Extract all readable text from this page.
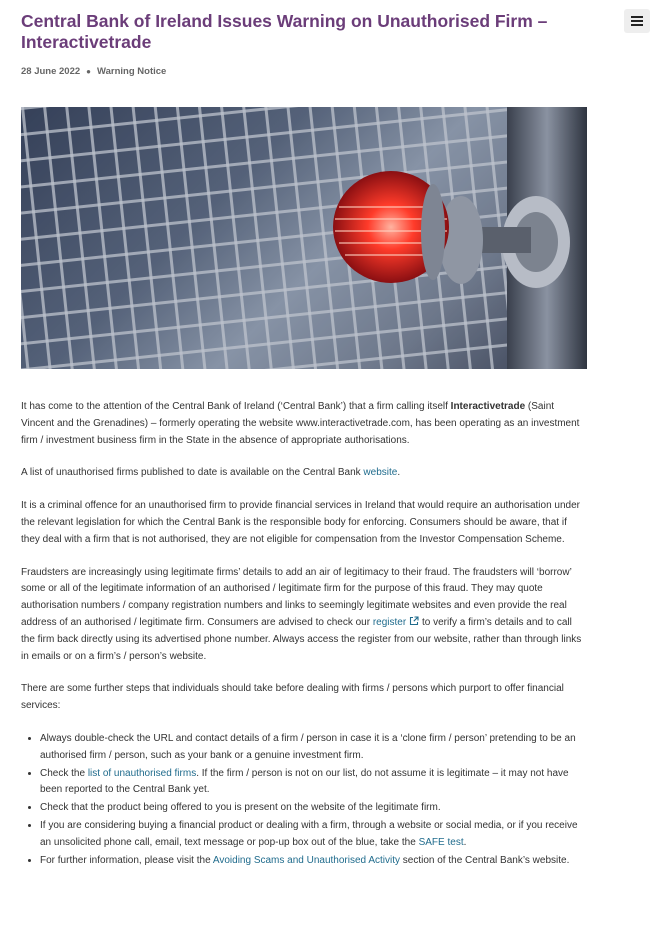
Central Bank of Ireland Issues Warning on Unauthorised Firm – Interactivetrade
28 June 2022 ● Warning Notice

It has come to the attention of the Central Bank of Ireland (‘Central Bank’) that a firm calling itself Interactivetrade (Saint Vincent and the Grenadines) – formerly operating the website www.interactivetrade.com, has been operating as an investment firm / investment business firm in the State in the absence of appropriate authorisations.

A list of unauthorised firms published to date is available on the Central Bank website.

It is a criminal offence for an unauthorised firm to provide financial services in Ireland that would require an authorisation under the relevant legislation for which the Central Bank is the responsible body for enforcing. Consumers should be aware, that if they deal with a firm that is not authorised, they are not eligible for compensation from the Investor Compensation Scheme.

Fraudsters are increasingly using legitimate firms’ details to add an air of legitimacy to their fraud. The fraudsters will ‘borrow’ some or all of the legitimate information of an authorised / legitimate firm for the purpose of this fraud. They may quote authorisation numbers / company registration numbers and links to seemingly legitimate websites and even provide the real address of an authorised / legitimate firm. Consumers are advised to check our register to verify a firm’s details and to call the firm back directly using its advertised phone number. Always access the register from our website, rather than through links in emails or on a firm’s / person’s website.

There are some further steps that individuals should take before dealing with firms / persons which purport to offer financial services:

• Always double-check the URL and contact details of a firm / person in case it is a ‘clone firm / person’ pretending to be an authorised firm / person, such as your bank or a genuine investment firm.
• Check the list of unauthorised firms. If the firm / person is not on our list, do not assume it is legitimate – it may not have been reported to the Central Bank yet.
• Check that the product being offered to you is present on the website of the legitimate firm.
• If you are considering buying a financial product or dealing with a firm, through a website or social media, or if you receive an unsolicited phone call, email, text message or pop-up box out of the blue, take the SAFE test.
• For further information, please visit the Avoiding Scams and Unauthorised Activity section of the Central Bank’s website.
